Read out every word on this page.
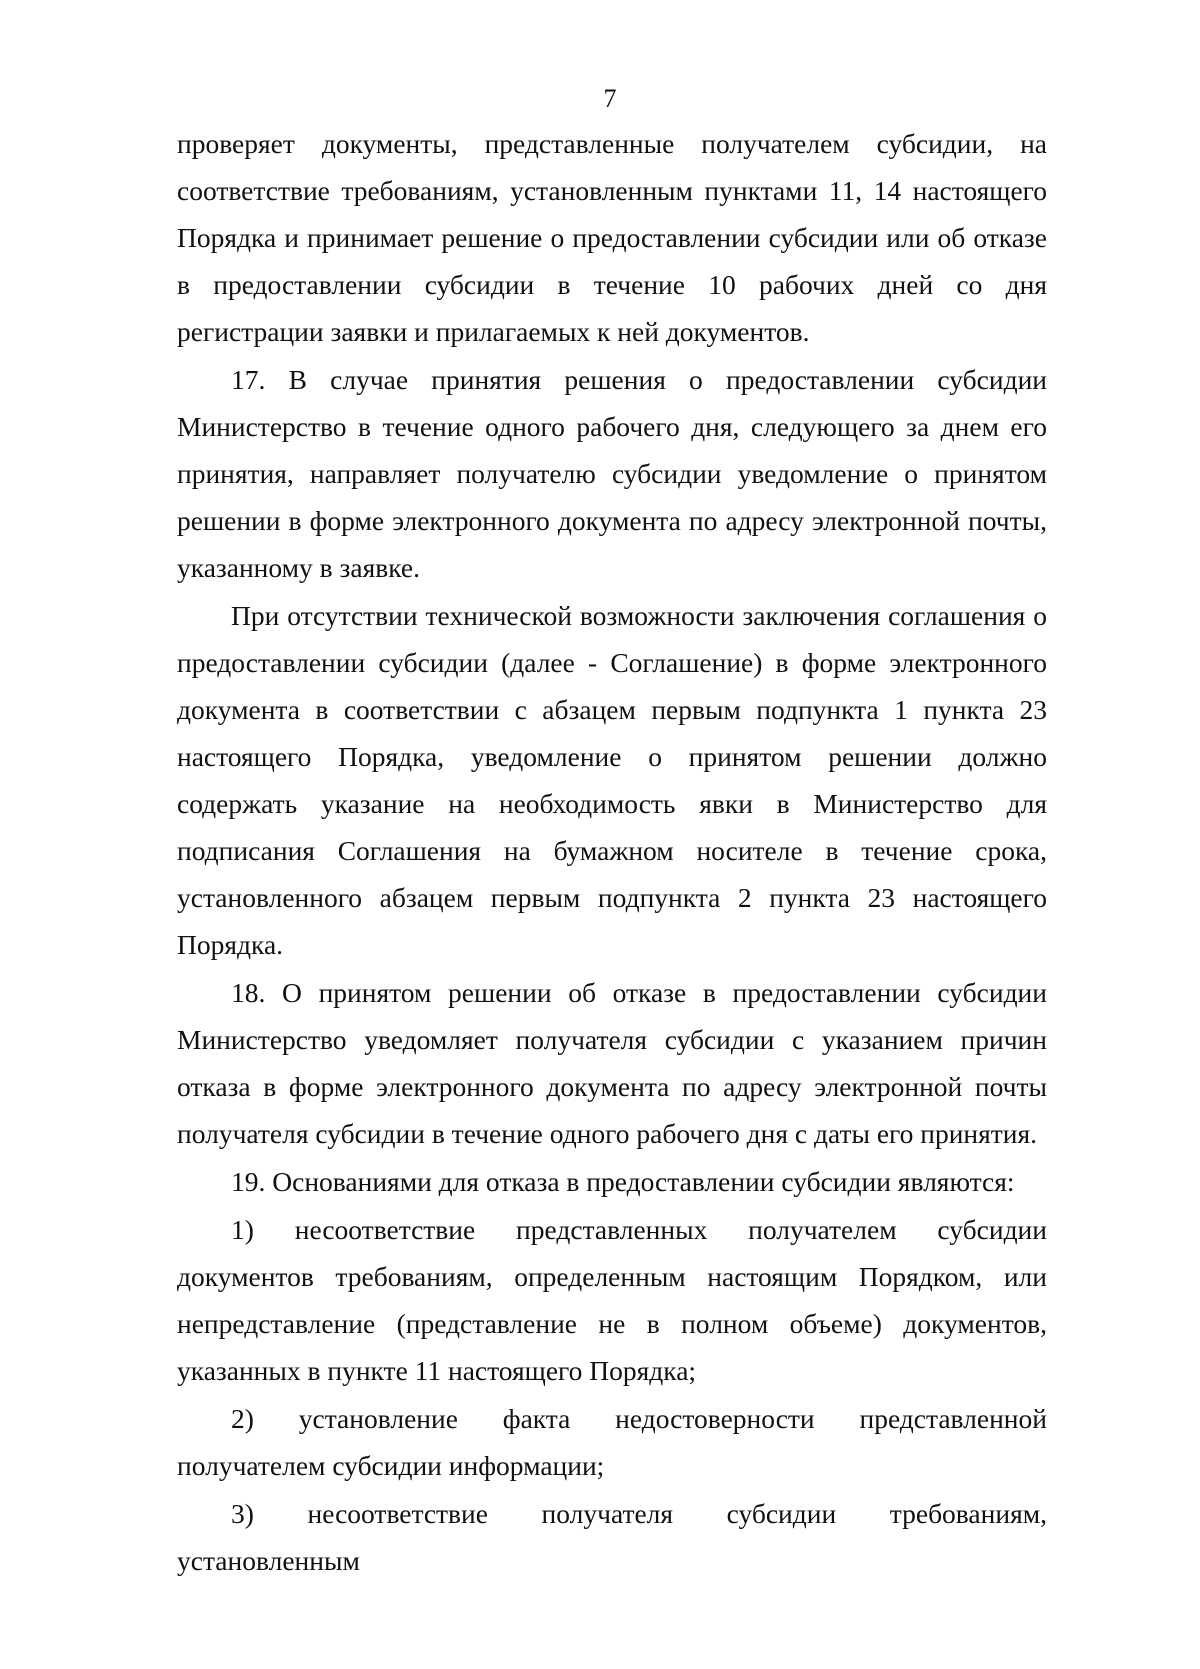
7

проверяет документы, представленные получателем субсидии, на соответствие требованиям, установленным пунктами 11, 14 настоящего Порядка и принимает решение о предоставлении субсидии или об отказе в предоставлении субсидии в течение 10 рабочих дней со дня регистрации заявки и прилагаемых к ней документов.

17. В случае принятия решения о предоставлении субсидии Министерство в течение одного рабочего дня, следующего за днем его принятия, направляет получателю субсидии уведомление о принятом решении в форме электронного документа по адресу электронной почты, указанному в заявке.

При отсутствии технической возможности заключения соглашения о предоставлении субсидии (далее - Соглашение) в форме электронного документа в соответствии с абзацем первым подпункта 1 пункта 23 настоящего Порядка, уведомление о принятом решении должно содержать указание на необходимость явки в Министерство для подписания Соглашения на бумажном носителе в течение срока, установленного абзацем первым подпункта 2 пункта 23 настоящего Порядка.

18. О принятом решении об отказе в предоставлении субсидии Министерство уведомляет получателя субсидии с указанием причин отказа в форме электронного документа по адресу электронной почты получателя субсидии в течение одного рабочего дня с даты его принятия.

19. Основаниями для отказа в предоставлении субсидии являются:

1) несоответствие представленных получателем субсидии документов требованиям, определенным настоящим Порядком, или непредставление (представление не в полном объеме) документов, указанных в пункте 11 настоящего Порядка;

2) установление факта недостоверности представленной получателем субсидии информации;

3) несоответствие получателя субсидии требованиям, установленным
